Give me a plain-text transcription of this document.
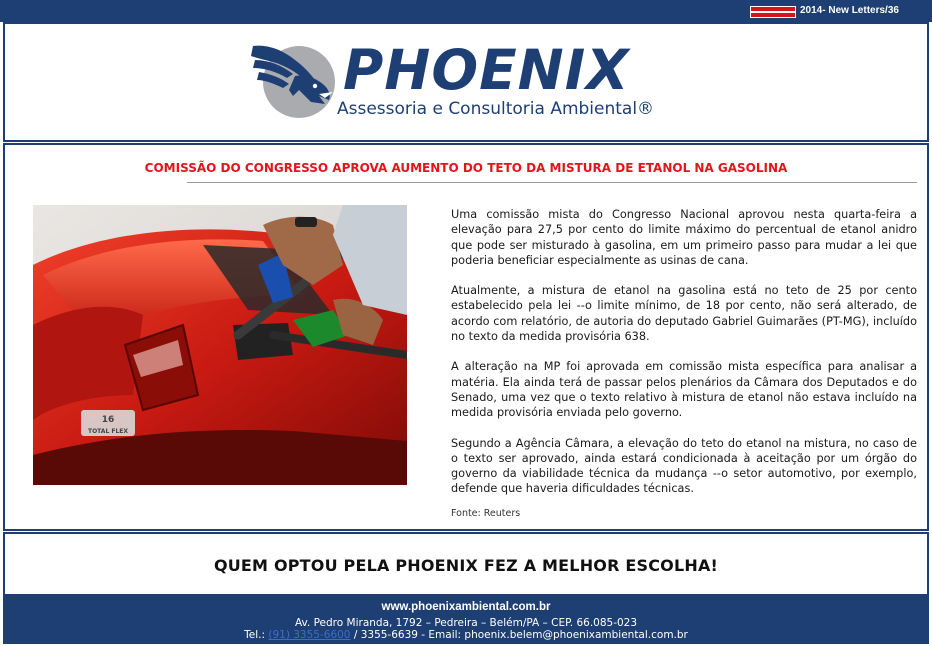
2014- New Letters/36
PHOENIX
Assessoria e Consultoria Ambiental®
COMISSÃO DO CONGRESSO APROVA AUMENTO DO TETO DA MISTURA DE ETANOL NA GASOLINA
16
TOTAL FLEX

Uma comissão mista do Congresso Nacional aprovou nesta quarta-feira a elevação para 27,5 por cento do limite máximo do percentual de etanol anidro que pode ser misturado à gasolina, em um primeiro passo para mudar a lei que poderia beneficiar especialmente as usinas de cana.

Atualmente, a mistura de etanol na gasolina está no teto de 25 por cento estabelecido pela lei --o limite mínimo, de 18 por cento, não será alterado, de acordo com relatório, de autoria do deputado Gabriel Guimarães (PT-MG), incluído no texto da medida provisória 638.

A alteração na MP foi aprovada em comissão mista específica para analisar a matéria. Ela ainda terá de passar pelos plenários da Câmara dos Deputados e do Senado, uma vez que o texto relativo à mistura de etanol não estava incluído na medida provisória enviada pelo governo.

Segundo a Agência Câmara, a elevação do teto do etanol na mistura, no caso de o texto ser aprovado, ainda estará condicionada à aceitação por um órgão do governo da viabilidade técnica da mudança --o setor automotivo, por exemplo, defende que haveria dificuldades técnicas.

Fonte: Reuters
QUEM OPTOU PELA PHOENIX FEZ A MELHOR ESCOLHA!
www.phoenixambiental.com.br
Av. Pedro Miranda, 1792 – Pedreira – Belém/PA – CEP. 66.085-023
Tel.: (91) 3355-6600 / 3355-6639 - Email: phoenix.belem@phoenixambiental.com.br
